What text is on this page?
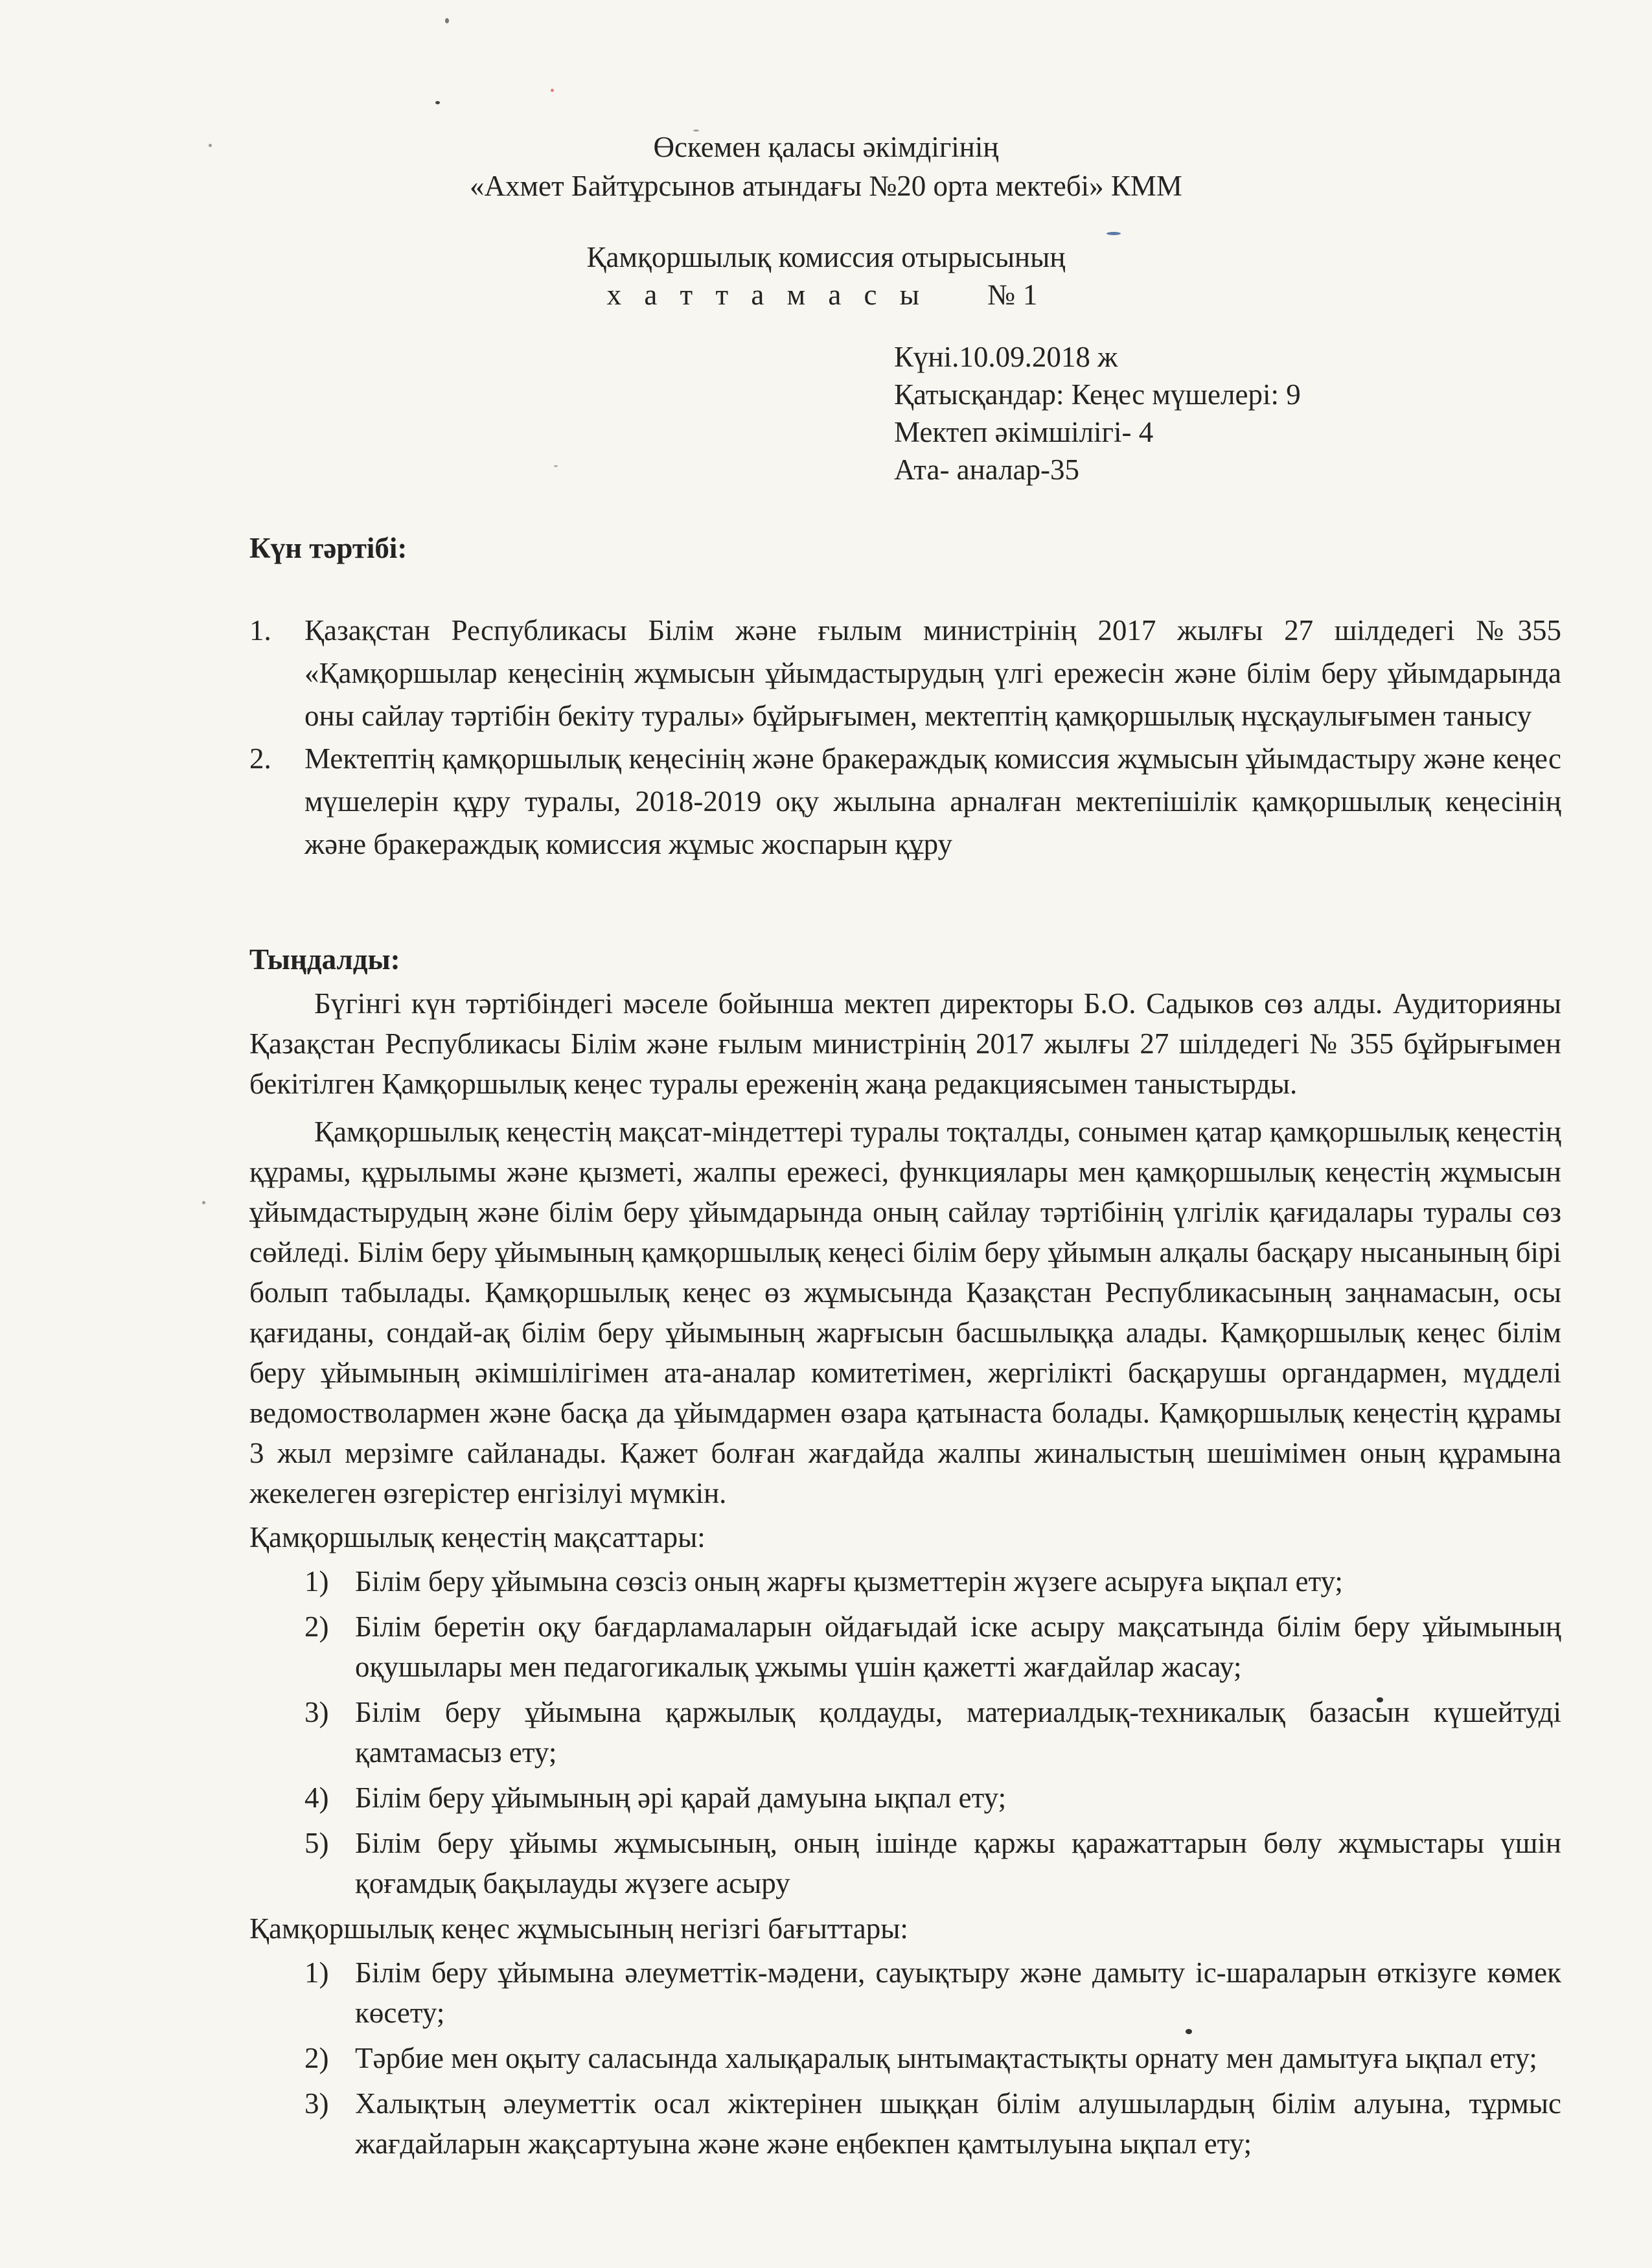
Өскемен қаласы әкімдігінің
«Ахмет Байтұрсынов атындағы №20 орта мектебі» КММ
Қамқоршылық комиссия отырысының
х а т т а м а с ы    №1
Күні.10.09.2018 ж
Қатысқандар: Кеңес мүшелері: 9
Мектеп әкімшілігі- 4
Ата- аналар-35
Күн тәртібі:
1. Қазақстан Республикасы Білім және ғылым министрінің 2017 жылғы 27 шілдедегі №355 «Қамқоршылар кеңесінің жұмысын ұйымдастырудың үлгі ережесін және білім беру ұйымдарында оны сайлау тәртібін бекіту туралы» бұйрығымен, мектептің қамқоршылық нұсқаулығымен танысу
2. Мектептің қамқоршылық кеңесінің және бракераждық комиссия жұмысын ұйымдастыру және кеңес мүшелерін құру туралы, 2018-2019 оқу жылына арналған мектепішілік қамқоршылық кеңесінің және бракераждық комиссия жұмыс жоспарын құру
Тыңдалды:

Бүгінгі күн тәртібіндегі мәселе бойынша мектеп директоры Б.О. Садыков сөз алды. Аудиторияны Қазақстан Республикасы Білім және ғылым министрінің 2017 жылғы 27 шілдедегі № 355 бұйрығымен бекітілген Қамқоршылық кеңес туралы ереженің жаңа редакциясымен таныстырды.

Қамқоршылық кеңестің мақсат-міндеттері туралы тоқталды, сонымен қатар қамқоршылық кеңестің құрамы, құрылымы және қызметі, жалпы ережесі, функциялары мен қамқоршылық кеңестің жұмысын ұйымдастырудың және білім беру ұйымдарында оның сайлау тәртібінің үлгілік қағидалары туралы сөз сөйледі. Білім беру ұйымының қамқоршылық кеңесі білім беру ұйымын алқалы басқару нысанының бірі болып табылады. Қамқоршылық кеңес өз жұмысында Қазақстан Республикасының заңнамасын, осы қағиданы, сондай-ақ білім беру ұйымының жарғысын басшылыққа алады. Қамқоршылық кеңес білім беру ұйымының әкімшілігімен ата-аналар комитетімен, жергілікті басқарушы органдармен, мүдделі ведомостволармен және басқа да ұйымдармен өзара қатынаста болады. Қамқоршылық кеңестің құрамы 3 жыл мерзімге сайланады. Қажет болған жағдайда жалпы жиналыстың шешімімен оның құрамына жекелеген өзгерістер енгізілуі мүмкін.

Қамқоршылық кеңестің мақсаттары:
1) Білім беру ұйымына сөзсіз оның жарғы қызметтерін жүзеге асыруға ықпал ету;
2) Білім беретін оқу бағдарламаларын ойдағыдай іске асыру мақсатында білім беру ұйымының оқушылары мен педагогикалық ұжымы үшін қажетті жағдайлар жасау;
3) Білім беру ұйымына қаржылық қолдауды, материалдық-техникалық базасын күшейтуді қамтамасыз ету;
4) Білім беру ұйымының әрі қарай дамуына ықпал ету;
5) Білім беру ұйымы жұмысының, оның ішінде қаржы қаражаттарын бөлу жұмыстары үшін қоғамдық бақылауды жүзеге асыру
Қамқоршылық кеңес жұмысының негізгі бағыттары:
1) Білім беру ұйымына әлеуметтік-мәдени, сауықтыру және дамыту іс-шараларын өткізуге көмек көсету;
2) Тәрбие мен оқыту саласында халықаралық ынтымақтастықты орнату мен дамытуға ықпал ету;
3) Халықтың әлеуметтік осал жіктерінен шыққан білім алушылардың білім алуына, тұрмыс жағдайларын жақсартуына және және еңбекпен қамтылуына ықпал ету;
